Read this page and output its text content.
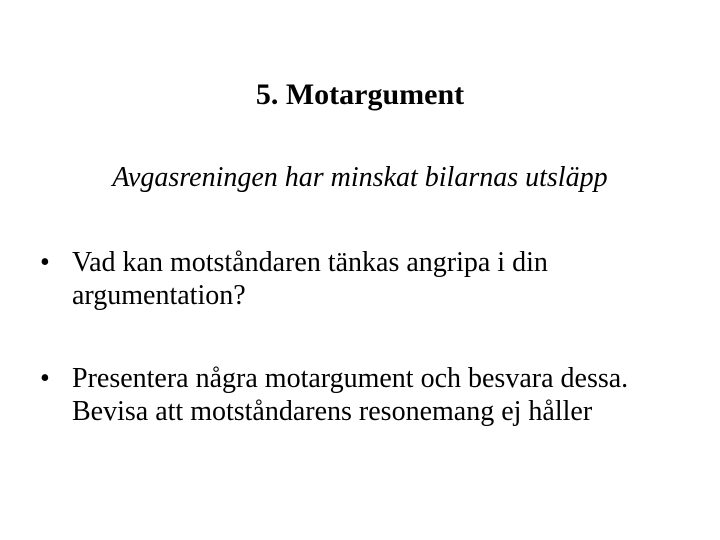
5. Motargument

Avgasreningen har minskat bilarnas utsläpp

• Vad kan motståndaren tänkas angripa i din argumentation?
• Presentera några motargument och besvara dessa. Bevisa att motståndarens resonemang ej håller
